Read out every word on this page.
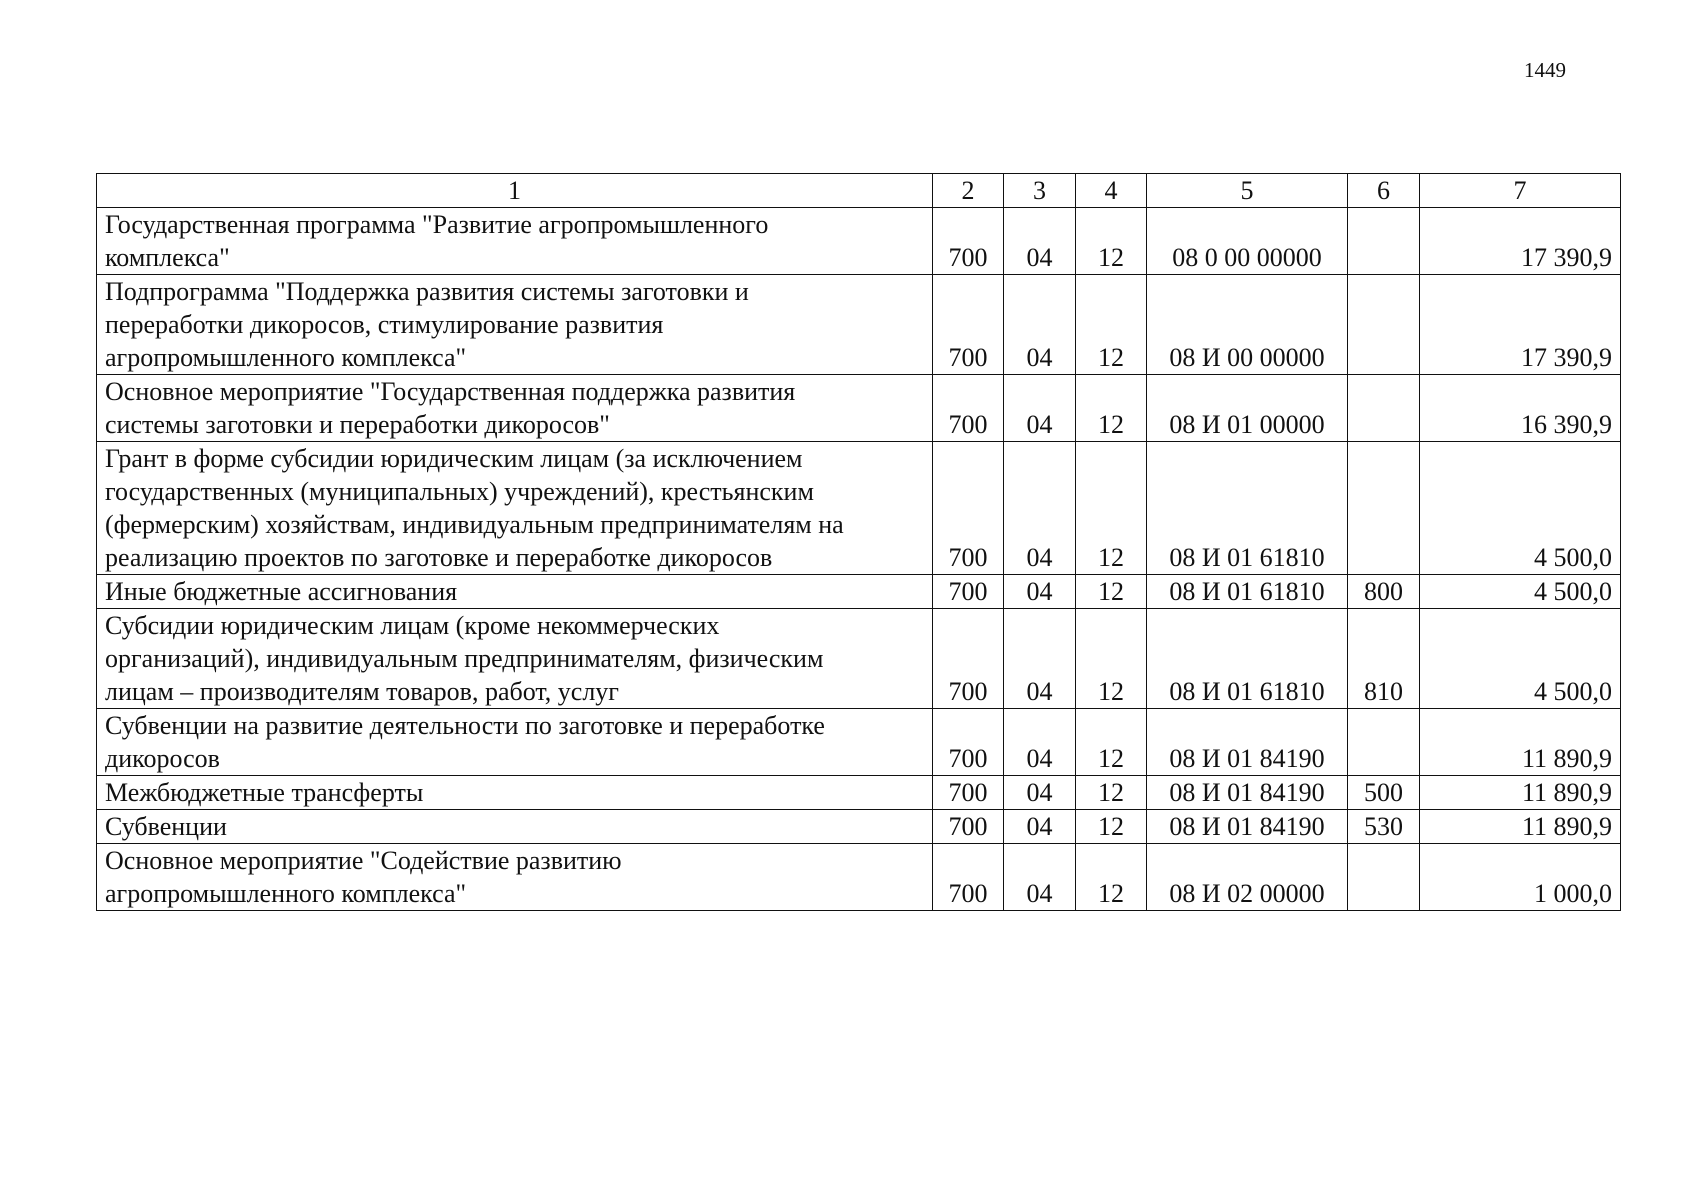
1449
1	2	3	4	5	6	7

Государственная программа "Развитие агропромышленного
комплекса"	700	04	12	08 0 00 00000		17 390,9

Подпрограмма "Поддержка развития системы заготовки и
переработки дикоросов, стимулирование развития
агропромышленного комплекса"	700	04	12	08 И 00 00000		17 390,9

Основное мероприятие "Государственная поддержка развития
системы заготовки и переработки дикоросов"	700	04	12	08 И 01 00000		16 390,9

Грант в форме субсидии юридическим лицам (за исключением
государственных (муниципальных) учреждений), крестьянским
(фермерским) хозяйствам, индивидуальным предпринимателям на
реализацию проектов по заготовке и переработке дикоросов	700	04	12	08 И 01 61810		4 500,0

Иные бюджетные ассигнования	700	04	12	08 И 01 61810	800	4 500,0

Субсидии юридическим лицам (кроме некоммерческих
организаций), индивидуальным предпринимателям, физическим
лицам – производителям товаров, работ, услуг	700	04	12	08 И 01 61810	810	4 500,0

Субвенции на развитие деятельности по заготовке и переработке
дикоросов	700	04	12	08 И 01 84190		11 890,9

Межбюджетные трансферты	700	04	12	08 И 01 84190	500	11 890,9

Субвенции	700	04	12	08 И 01 84190	530	11 890,9

Основное мероприятие "Содействие развитию
агропромышленного комплекса"	700	04	12	08 И 02 00000		1 000,0
